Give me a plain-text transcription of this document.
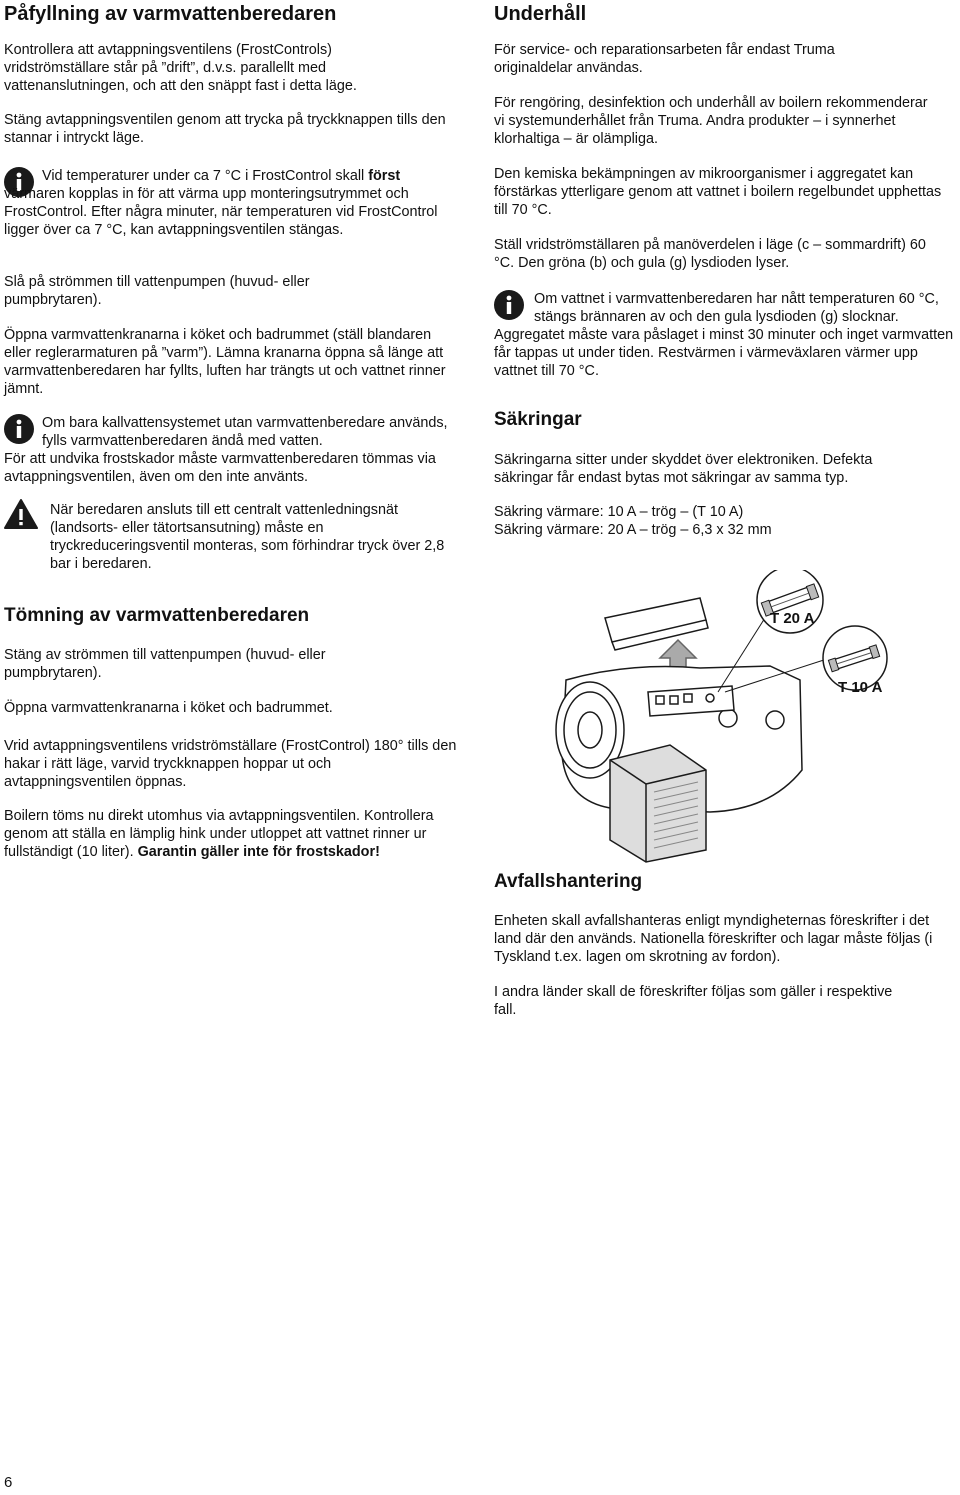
Påfyllning av varmvattenberedaren

Kontrollera att avtappningsventilens (FrostControls) vridströmställare står på ”drift”, d.v.s. parallellt med vattenanslutningen, och att den snäppt fast i detta läge.

Stäng avtappningsventilen genom att trycka på tryckknappen tills den stannar i intryckt läge.

Vid temperaturer under ca 7 °C i FrostControl skall först värmaren kopplas in för att värma upp monteringsutrymmet och FrostControl. Efter några minuter, när temperaturen vid FrostControl ligger över ca 7 °C, kan avtappningsventilen stängas.

Slå på strömmen till vattenpumpen (huvud- eller pumpbrytaren).

Öppna varmvattenkranarna i köket och badrummet (ställ blandaren eller reglerarmaturen på ”varm”). Lämna kranarna öppna så länge att varmvattenberedaren har fyllts, luften har trängts ut och vattnet rinner jämnt.

Om bara kallvattensystemet utan varmvattenberedare används, fylls varmvattenberedaren ändå med vatten.
För att undvika frostskador måste varmvattenberedaren tömmas via avtappningsventilen, även om den inte använts.

När beredaren ansluts till ett centralt vattenledningsnät (landsorts- eller tätortsansutning) måste en tryckreduceringsventil monteras, som förhindrar tryck över 2,8 bar i beredaren.

Tömning av varmvattenberedaren

Stäng av strömmen till vattenpumpen (huvud- eller pumpbrytaren).

Öppna varmvattenkranarna i köket och badrummet.

Vrid avtappningsventilens vridströmställare (FrostControl) 180° tills den hakar i rätt läge, varvid tryckknappen hoppar ut och avtappningsventilen öppnas.

Boilern töms nu direkt utomhus via avtappningsventilen. Kontrollera genom att ställa en lämplig hink under utloppet att vattnet rinner ur fullständigt (10 liter). Garantin gäller inte för frostskador!

Underhåll

För service- och reparationsarbeten får endast Truma originaldelar användas.

För rengöring, desinfektion och underhåll av boilern rekommenderar vi systemunderhållet från Truma. Andra produkter – i synnerhet klorhaltiga – är olämpliga.

Den kemiska bekämpningen av mikroorganismer i aggregatet kan förstärkas ytterligare genom att vattnet i boilern regelbundet upphettas till 70 °C.

Ställ vridströmställaren på manöverdelen i läge (c – sommardrift) 60 °C. Den gröna (b) och gula (g) lysdioden lyser.

Om vattnet i varmvattenberedaren har nått temperaturen 60 °C, stängs brännaren av och den gula lysdioden (g) slocknar.
Aggregatet måste vara påslaget i minst 30 minuter och inget varmvatten får tappas ut under tiden. Restvärmen i värmeväxlaren värmer upp vattnet till 70 °C.

Säkringar

Säkringarna sitter under skyddet över elektroniken. Defekta säkringar får endast bytas mot säkringar av samma typ.

Säkring värmare: 10 A – trög – (T 10 A)

Säkring värmare: 20 A – trög – 6,3 x 32 mm

Avfallshantering

Enheten skall avfallshanteras enligt myndigheternas föreskrifter i det land där den används. Nationella föreskrifter och lagar måste följas (i Tyskland t.ex. lagen om skrotning av fordon).

I andra länder skall de föreskrifter följas som gäller i respektive fall.

T 20 A
T 10 A

6
